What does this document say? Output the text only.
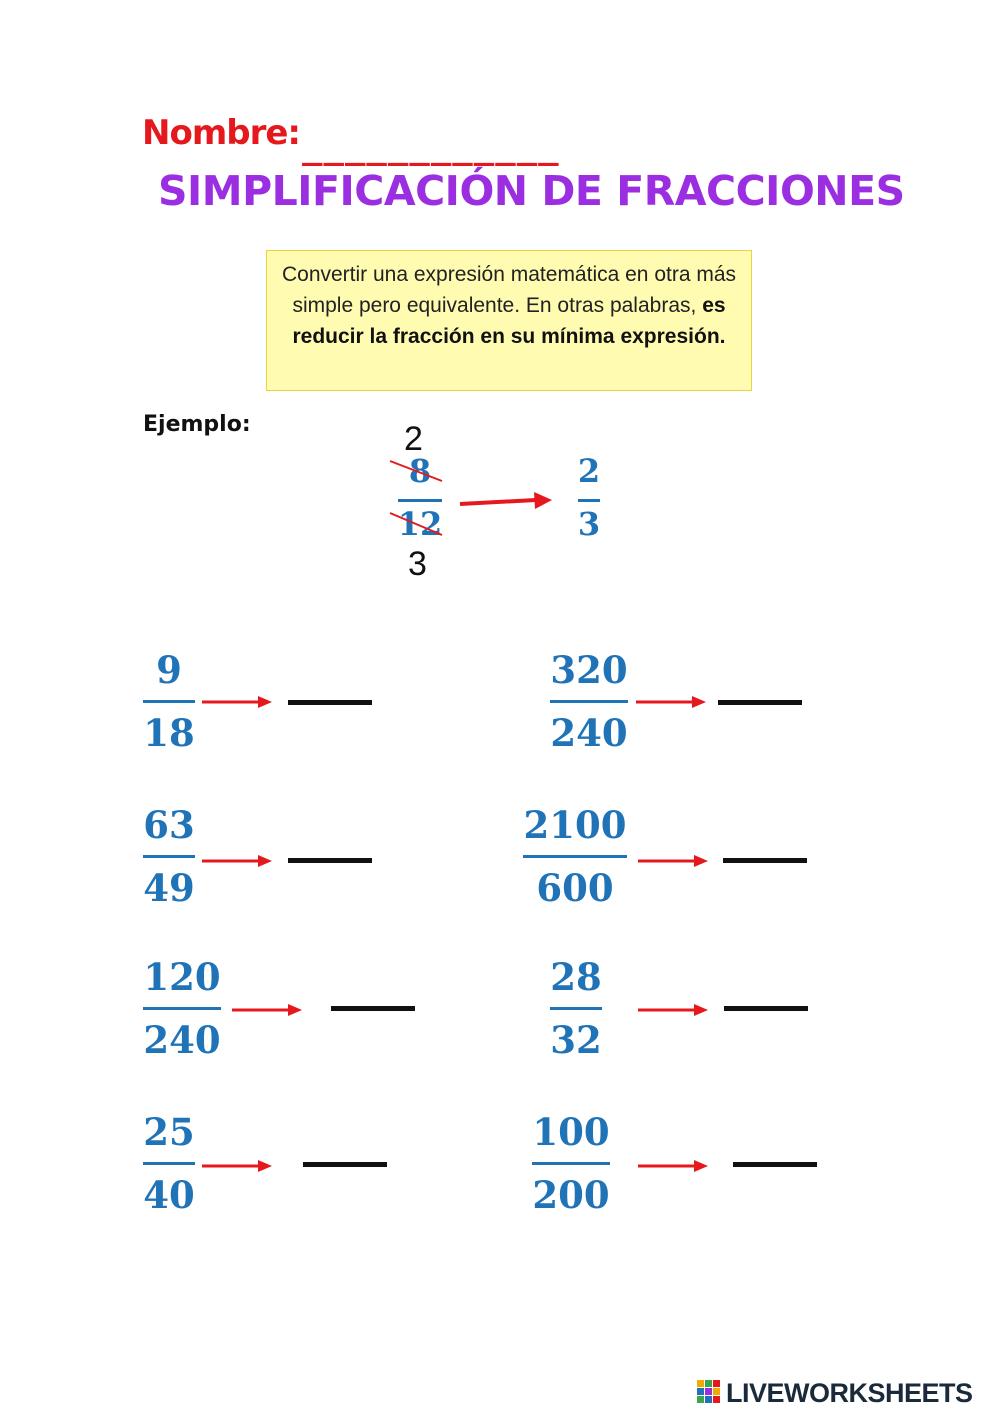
Nombre: ____________
SIMPLIFICACIÓN DE FRACCIONES
Convertir una expresión matemática en otra más simple pero equivalente. En otras palabras, es reducir la fracción en su mínima expresión.
Ejemplo:	2
8
12
3
2
3
9
18
320
240
63
49
2100
600
120
240
28
32
25
40
100
200
LIVEWORKSHEETS
